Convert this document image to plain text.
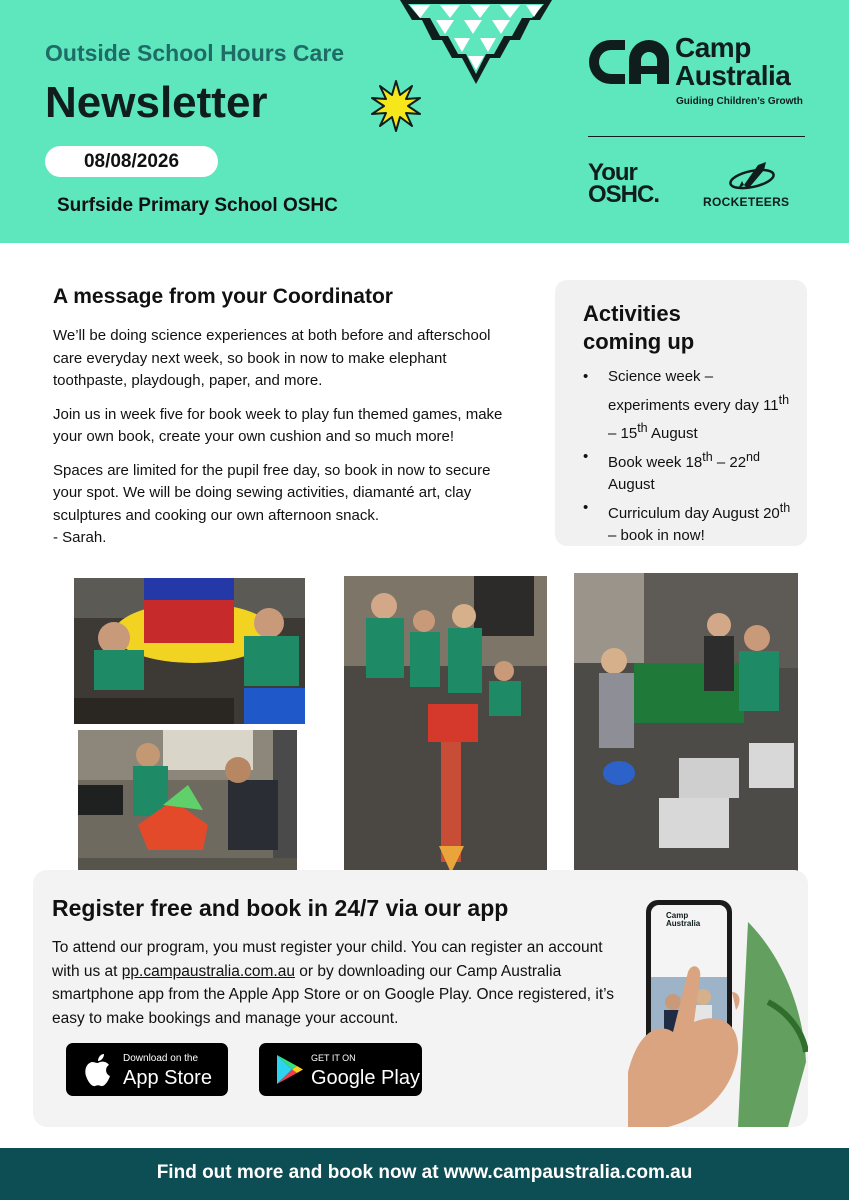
Outside School Hours Care
Newsletter
08/08/2026
Surfside Primary School OSHC
Camp
Australia
Guiding Children’s Growth
Your
OSHC.	ROCKETEERS
A message from your Coordinator

We’ll be doing science experiences at both before and afterschool care everyday next week, so book in now to make elephant toothpaste, playdough, paper, and more.

Join us in week five for book week to play fun themed games, make your own book, create your own cushion and so much more!

Spaces are limited for the pupil free day, so book in now to secure your spot. We will be doing sewing activities, diamanté art, clay sculptures and cooking our own afternoon snack.

- Sarah.
Activities
coming up
• Science week – experiments every day 11th – 15th August
• Book week 18th – 22nd August
• Curriculum day August 20th – book in now!
Register free and book in 24/7 via our app
To attend our program, you must register your child. You can register an account with us at pp.campaustralia.com.au or by downloading our Camp Australia smartphone app from the Apple App Store or on Google Play. Once registered, it’s easy to make bookings and manage your account.
Download on the
App Store
GET IT ON
Google Play
Camp
Australia
Find out more and book now at www.campaustralia.com.au
